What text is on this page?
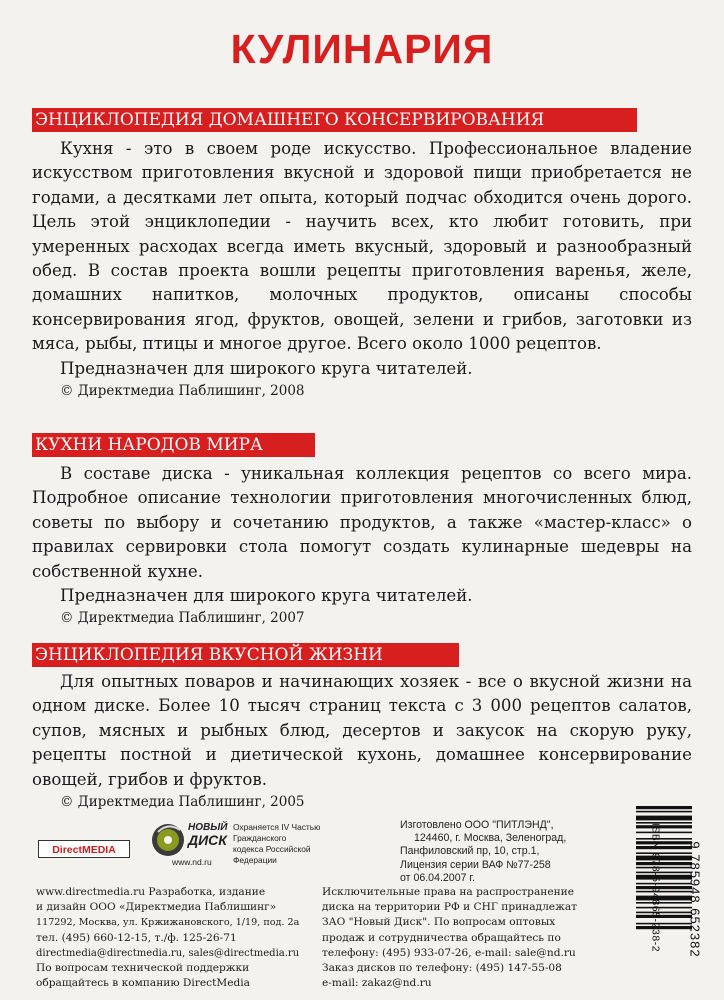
КУЛИНАРИЯ
ЭНЦИКЛОПЕДИЯ ДОМАШНЕГО КОНСЕРВИРОВАНИЯ

Кухня - это в своем роде искусство. Профессиональное владение искусством приготовления вкусной и здоровой пищи приобретается не годами, а десятками лет опыта, который подчас обходится очень дорого. Цель этой энциклопедии - научить всех, кто любит готовить, при умеренных расходах всегда иметь вкусный, здоровый и разнообразный обед. В состав проекта вошли рецепты приготовления варенья, желе, домашних напитков, молочных продуктов, описаны способы консервирования ягод, фруктов, овощей, зелени и грибов, заготовки из мяса, рыбы, птицы и многое другое. Всего около 1000 рецептов.

Предназначен для широкого круга читателей.

© Директмедиа Паблишинг, 2008
КУХНИ НАРОДОВ МИРА

В составе диска - уникальная коллекция рецептов со всего мира. Подробное описание технологии приготовления многочисленных блюд, советы по выбору и сочетанию продуктов, а также «мастер-класс» о правилах сервировки стола помогут создать кулинарные шедевры на собственной кухне.

Предназначен для широкого круга читателей.

© Директмедиа Паблишинг, 2007
ЭНЦИКЛОПЕДИЯ ВКУСНОЙ ЖИЗНИ

Для опытных поваров и начинающих хозяек - все о вкусной жизни на одном диске. Более 10 тысяч страниц текста с 3 000 рецептов салатов, супов, мясных и рыбных блюд, десертов и закусок на скорую руку, рецепты постной и диетической кухонь, домашнее консервирование овощей, грибов и фруктов.

© Директмедиа Паблишинг, 2005
DirectMEDIA
НОВЫЙ
ДИСК
www.nd.ru
Охраняется IV Частью
Гражданского
кодекса Российской
Федерации
Изготовлено ООО "ПИТЛЭНД",
124460, г. Москва, Зеленоград,
Панфиловский пр, 10, стр.1,
Лицензия серии ВАФ №77-258
от 06.04.2007 г.	ISBN 978-5-94865-238-2 9 785948 652382
www.directmedia.ru Разработка, издание
и дизайн ООО «Директмедиа Паблишинг»
117292, Москва, ул. Кржижановского, 1/19, под. 2а
тел. (495) 660-12-15, т./ф. 125-26-71
directmedia@directmedia.ru, sales@directmedia.ru
По вопросам технической поддержки
обращайтесь в компанию DirectMedia
Исключительные права на распространение
диска на территории РФ и СНГ принадлежат
ЗАО "Новый Диск". По вопросам оптовых
продаж и сотрудничества обращайтесь по
телефону: (495) 933-07-26, e-mail: sale@nd.ru
Заказ дисков по телефону: (495) 147-55-08
e-mail: zakaz@nd.ru
